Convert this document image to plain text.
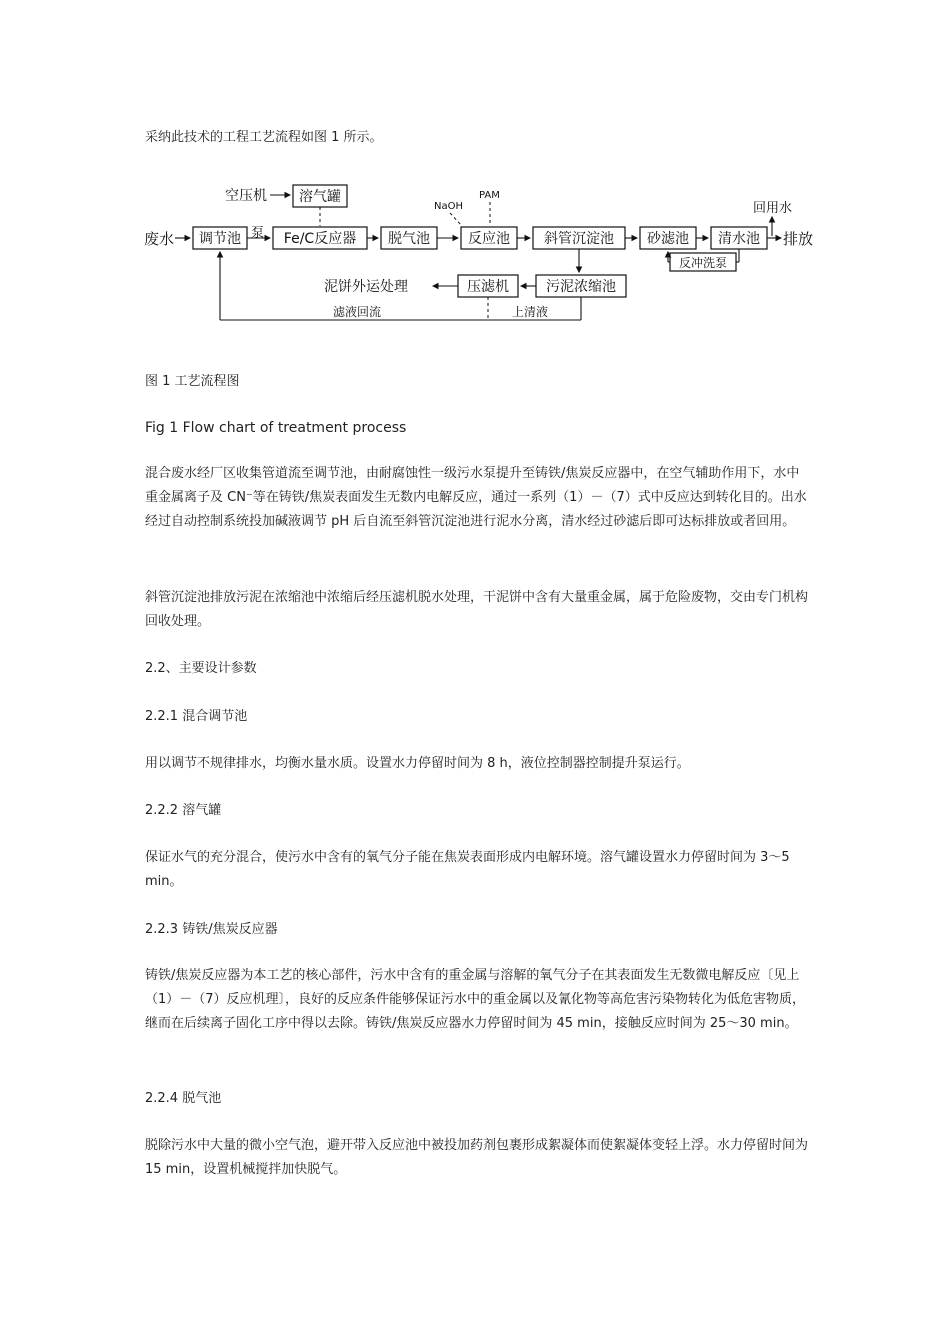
采纳此技术的工程工艺流程如图 1 所示。

空压机 溶气罐
NaOH
PAM
回用水
废水 调节池 泵 Fe/C反应器 脱气池	反应池 斜管沉淀池 砂滤池 清水池 排放
反冲洗泵
污泥浓缩池
压滤机
泥饼外运处理
滤液回流	上清液

图 1 工艺流程图

Fig 1 Flow chart of treatment process

混合废水经厂区收集管道流至调节池，由耐腐蚀性一级污水泵提升至铸铁/焦炭反应器中，在空气辅助作用下，水中重金属离子及 CN⁻等在铸铁/焦炭表面发生无数内电解反应，通过一系列（1）－（7）式中反应达到转化目的。出水经过自动控制系统投加碱液调节 pH 后自流至斜管沉淀池进行泥水分离，清水经过砂滤后即可达标排放或者回用。

斜管沉淀池排放污泥在浓缩池中浓缩后经压滤机脱水处理，干泥饼中含有大量重金属，属于危险废物，交由专门机构回收处理。

2.2、主要设计参数

2.2.1 混合调节池

用以调节不规律排水，均衡水量水质。设置水力停留时间为 8 h，液位控制器控制提升泵运行。

2.2.2 溶气罐

保证水气的充分混合，使污水中含有的氧气分子能在焦炭表面形成内电解环境。溶气罐设置水力停留时间为 3～5 min。

2.2.3 铸铁/焦炭反应器

铸铁/焦炭反应器为本工艺的核心部件，污水中含有的重金属与溶解的氧气分子在其表面发生无数微电解反应〔见上（1）－（7）反应机理〕，良好的反应条件能够保证污水中的重金属以及氰化物等高危害污染物转化为低危害物质，继而在后续离子固化工序中得以去除。铸铁/焦炭反应器水力停留时间为 45 min，接触反应时间为 25～30 min。

2.2.4 脱气池

脱除污水中大量的微小空气泡，避开带入反应池中被投加药剂包裹形成絮凝体而使絮凝体变轻上浮。水力停留时间为 15 min，设置机械搅拌加快脱气。
